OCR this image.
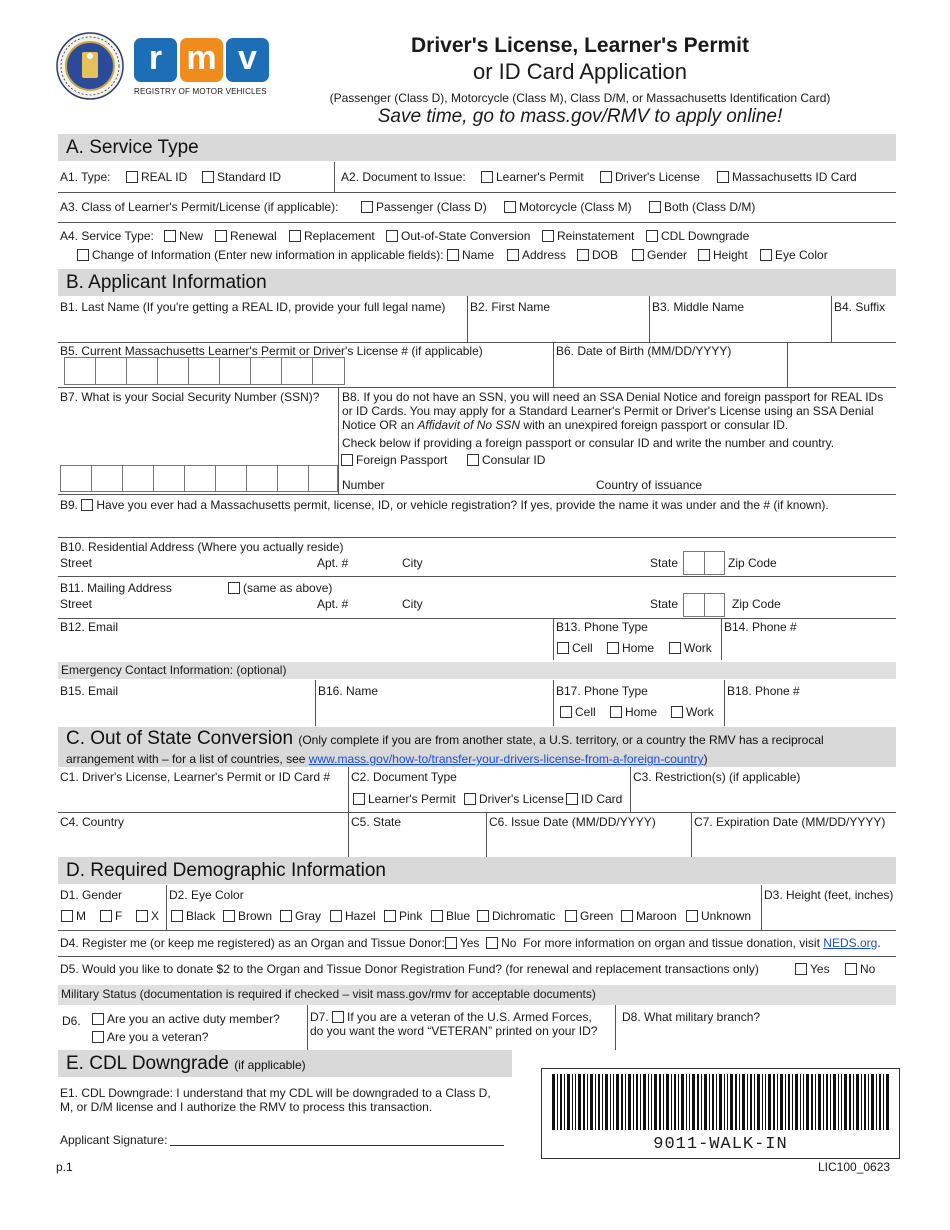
r m v
REGISTRY OF MOTOR VEHICLES
Driver's License, Learner's Permit
or ID Card Application
(Passenger (Class D), Motorcycle (Class M), Class D/M, or Massachusetts Identification Card)
Save time, go to mass.gov/RMV to apply online!
A. Service Type
A1. Type:	REAL ID	Standard ID	A2. Document to Issue:	Learner's Permit	Driver's License	Massachusetts ID Card
A3. Class of Learner's Permit/License (if applicable):	Passenger (Class D)	Motorcycle (Class M)	Both (Class D/M)
A4. Service Type:	New	Renewal	Replacement	Out-of-State Conversion	Reinstatement	CDL Downgrade
Change of Information (Enter new information in applicable fields):	Name	Address	DOB	Gender	Height	Eye Color
B. Applicant Information
B1. Last Name (If you're getting a REAL ID, provide your full legal name) B2. First Name	B3. Middle Name	B4. Suffix
B5. Current Massachusetts Learner's Permit or Driver's License # (if applicable)	B6. Date of Birth (MM/DD/YYYY)
B7. What is your Social Security Number (SSN)? B8. If you do not have an SSN, you will need an SSA Denial Notice and foreign passport for REAL IDs
or ID Cards. You may apply for a Standard Learner's Permit or Driver's License using an SSA Denial
Notice OR an Affidavit of No SSN with an unexpired foreign passport or consular ID.
Check below if providing a foreign passport or consular ID and write the number and country.
Foreign Passport	Consular ID
Number	Country of issuance
B9. Have you ever had a Massachusetts permit, license, ID, or vehicle registration? If yes, provide the name it was under and the # (if known).
B10. Residential Address (Where you actually reside)
Street	Apt. #	City	State	Zip Code
B11. Mailing Address	(same as above)
Street	Apt. #	City	State	Zip Code
B12. Email	B13. Phone Type
Cell	Home	Work
B14. Phone #
Emergency Contact Information: (optional)
B15. Email	B16. Name	B17. Phone Type
Cell	Home	Work
B18. Phone #
C. Out of State Conversion (Only complete if you are from another state, a U.S. territory, or a country the RMV has a reciprocal
arrangement with – for a list of countries, see www.mass.gov/how-to/transfer-your-drivers-license-from-a-foreign-country)
C1. Driver's License, Learner's Permit or ID Card # C2. Document Type
Learner's Permit	Driver's License	ID Card
C3. Restriction(s) (if applicable)
C4. Country	C5. State	C6. Issue Date (MM/DD/YYYY)	C7. Expiration Date (MM/DD/YYYY)
D. Required Demographic Information
D1. Gender
M	F	X
D2. Eye Color
Black	Brown	Gray	Hazel	Pink	Blue	Dichromatic	Green	Maroon	Unknown
D3. Height (feet, inches)
D4. Register me (or keep me registered) as an Organ and Tissue Donor: Yes No For more information on organ and tissue donation, visit NEDS.org.
D5. Would you like to donate $2 to the Organ and Tissue Donor Registration Fund? (for renewal and replacement transactions only)	Yes	No
Military Status (documentation is required if checked – visit mass.gov/rmv for acceptable documents)
D6.	Are you an active duty member?
Are you a veteran?
D7. If you are a veteran of the U.S. Armed Forces,
do you want the word “VETERAN” printed on your ID?
D8. What military branch?
E. CDL Downgrade (if applicable)
E1. CDL Downgrade: I understand that my CDL will be downgraded to a Class D,
M, or D/M license and I authorize the RMV to process this transaction.
Applicant Signature:	9011-WALK-IN
p.1	LIC100_0623
